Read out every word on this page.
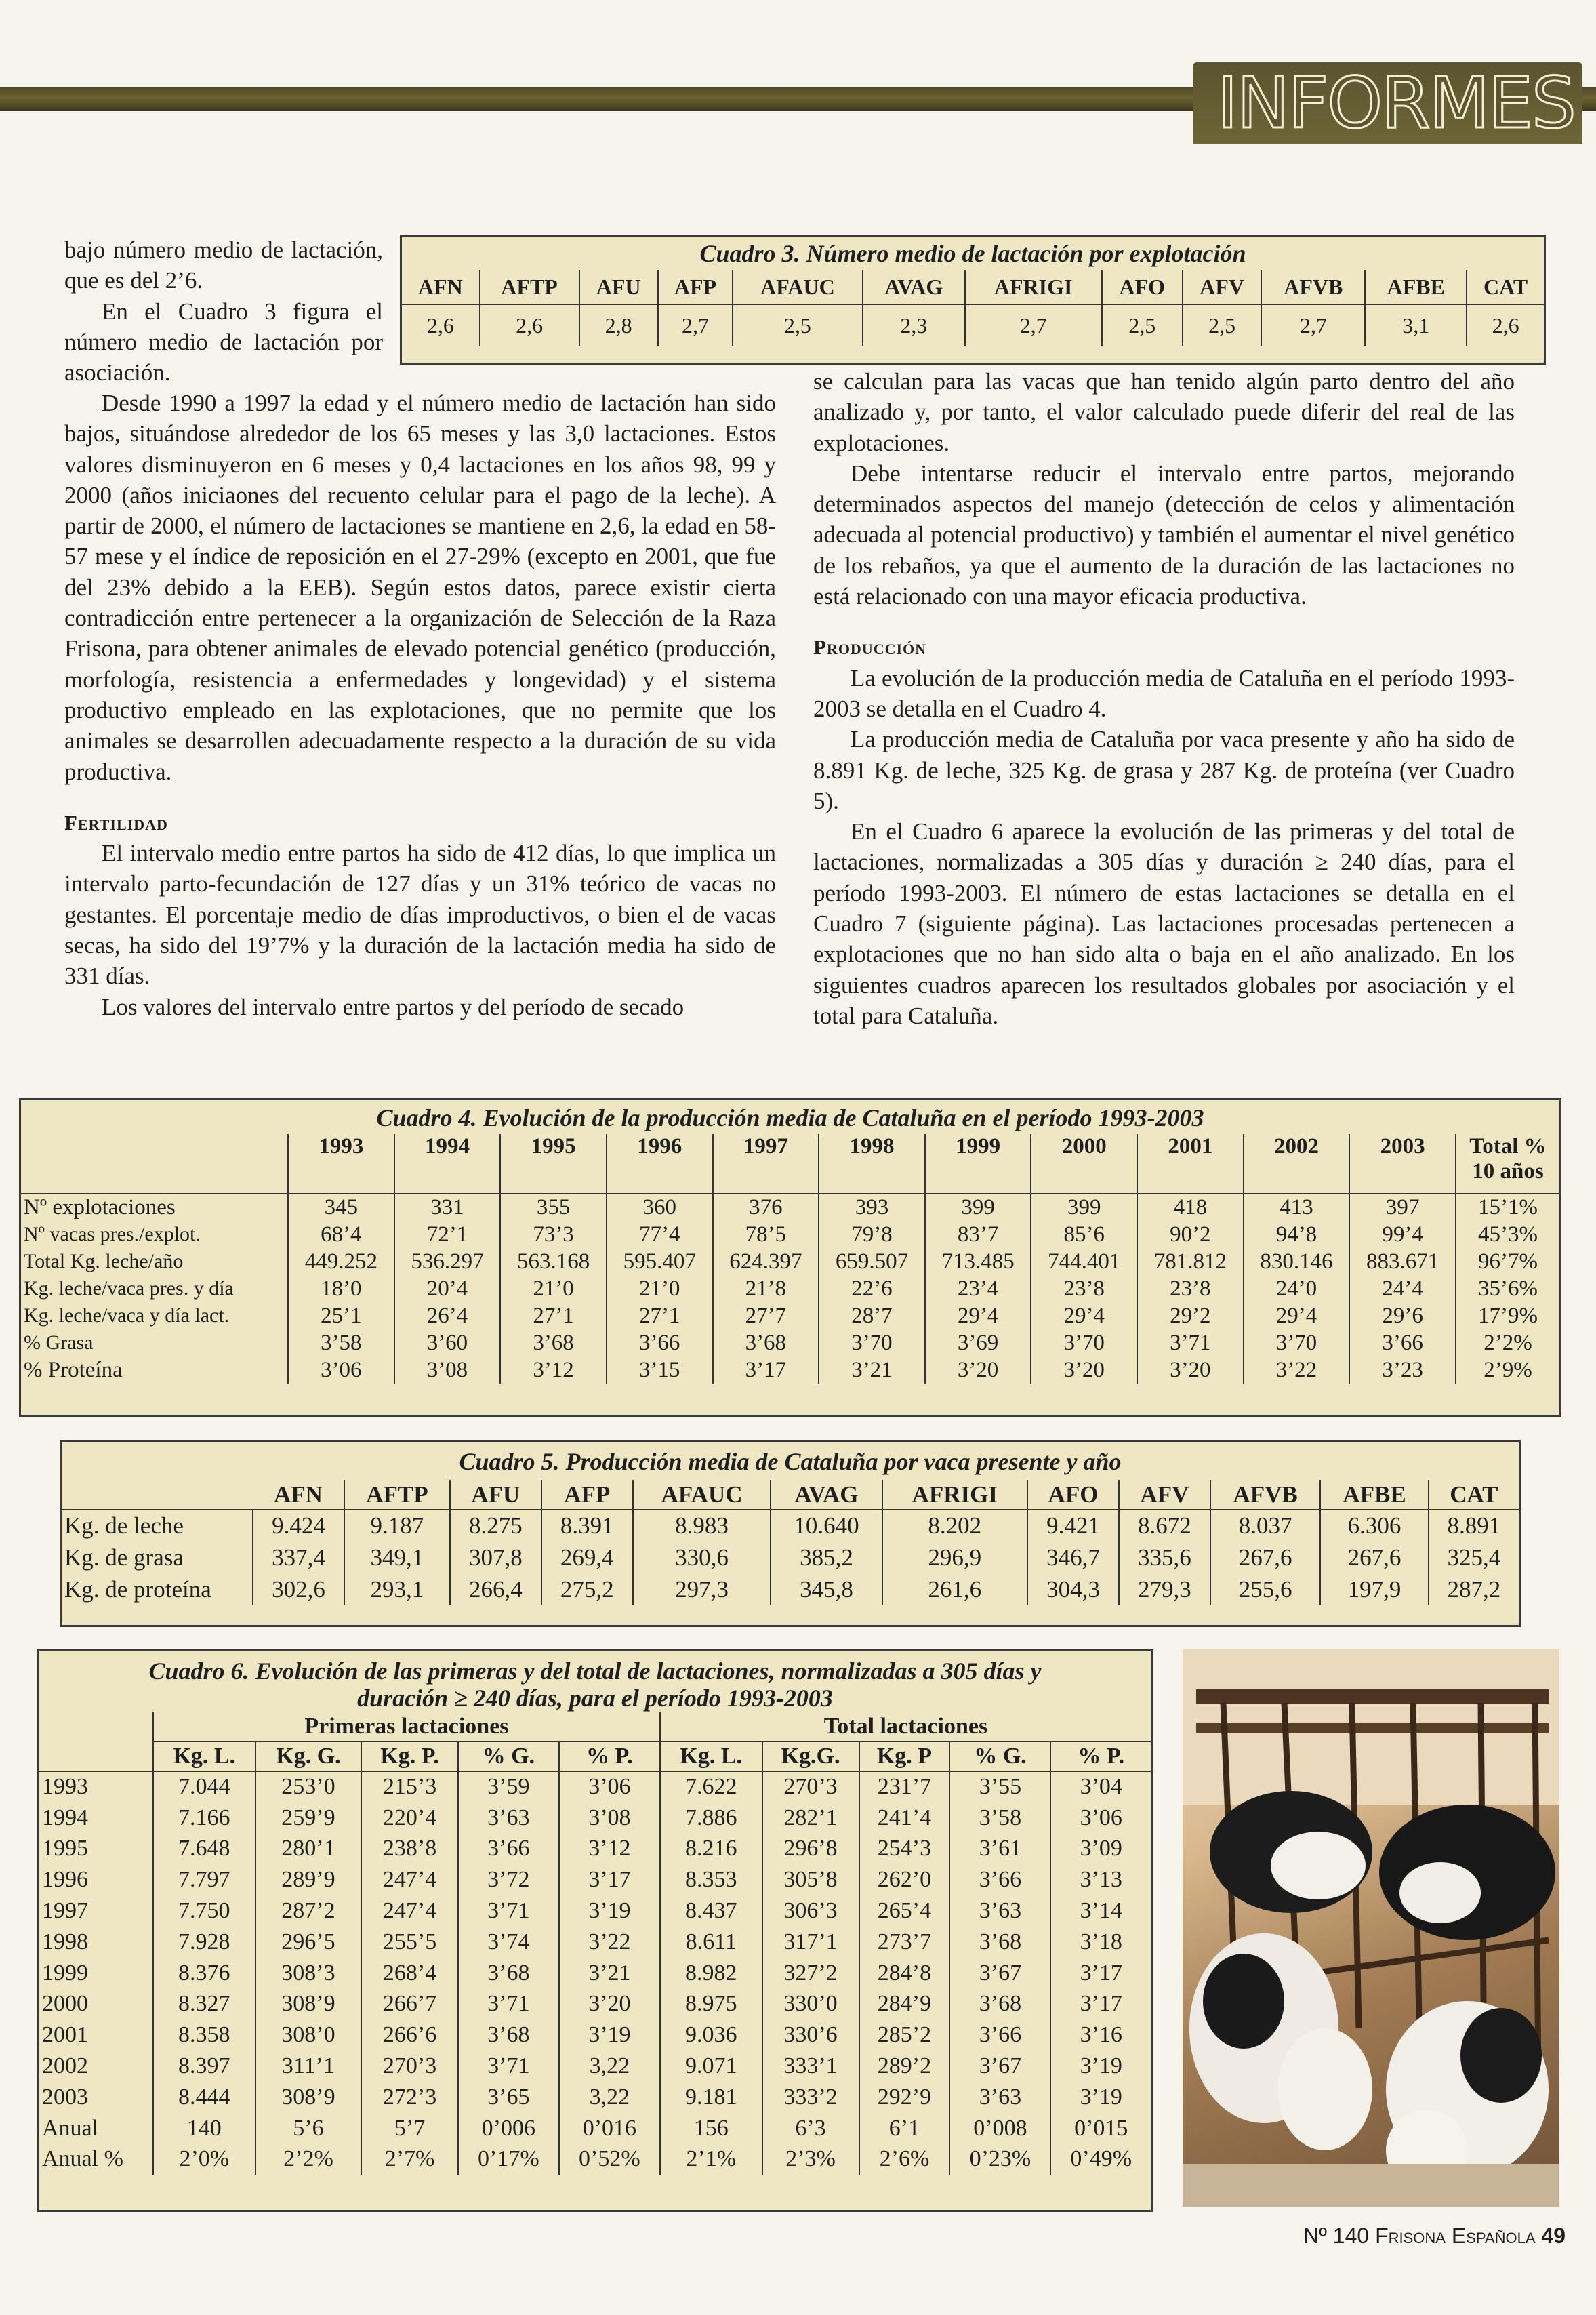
INFORMES

bajo número medio de lactación, que es del 2’6.

En el Cuadro 3 figura el número medio de lactación por asociación.

Desde 1990 a 1997 la edad y el número medio de lactación han sido bajos, situándose alrededor de los 65 meses y las 3,0 lactaciones. Estos valores disminuyeron en 6 meses y 0,4 lactaciones en los años 98, 99 y 2000 (años iniciaones del recuento celular para el pago de la leche). A partir de 2000, el número de lactaciones se mantiene en 2,6, la edad en 58-57 mese y el índice de reposición en el 27-29% (excepto en 2001, que fue del 23% debido a la EEB). Según estos datos, parece existir cierta contradicción entre pertenecer a la organización de Selección de la Raza Frisona, para obtener animales de elevado potencial genético (producción, morfología, resistencia a enfermedades y longevidad) y el sistema productivo empleado en las explotaciones, que no permite que los animales se desarrollen adecuadamente respecto a la duración de su vida productiva.

Fertilidad

El intervalo medio entre partos ha sido de 412 días, lo que implica un intervalo parto-fecundación de 127 días y un 31% teórico de vacas no gestantes. El porcentaje medio de días improductivos, o bien el de vacas secas, ha sido del 19’7% y la duración de la lactación media ha sido de 331 días.

Los valores del intervalo entre partos y del período de secado

se calculan para las vacas que han tenido algún parto dentro del año analizado y, por tanto, el valor calculado puede diferir del real de las explotaciones.

Debe intentarse reducir el intervalo entre partos, mejorando determinados aspectos del manejo (detección de celos y alimentación adecuada al potencial productivo) y también el aumentar el nivel genético de los rebaños, ya que el aumento de la duración de las lactaciones no está relacionado con una mayor eficacia productiva.

Producción

La evolución de la producción media de Cataluña en el período 1993-2003 se detalla en el Cuadro 4.

La producción media de Cataluña por vaca presente y año ha sido de 8.891 Kg. de leche, 325 Kg. de grasa y 287 Kg. de proteína (ver Cuadro 5).

En el Cuadro 6 aparece la evolución de las primeras y del total de lactaciones, normalizadas a 305 días y duración ≥ 240 días, para el período 1993-2003. El número de estas lactaciones se detalla en el Cuadro 7 (siguiente página). Las lactaciones procesadas pertenecen a explotaciones que no han sido alta o baja en el año analizado. En los siguientes cuadros aparecen los resultados globales por asociación y el total para Cataluña.

Cuadro 3. Número medio de lactación por explotación
AFN	AFTP	AFU	AFP	AFAUC	AVAG	AFRIGI	AFO	AFV	AFVB	AFBE	CAT
2,6	2,6	2,8	2,7	2,5	2,3	2,7	2,5	2,5	2,7	3,1	2,6
Cuadro 4. Evolución de la producción media de Cataluña en el período 1993-2003
	1993	1994	1995	1996	1997	1998	1999	2000	2001	2002	2003	Total %
10 años

Nº explotaciones	345	331	355	360	376	393	399	399	418	413	397	15’1%
Nº vacas pres./explot.	68’4	72’1	73’3	77’4	78’5	79’8	83’7	85’6	90’2	94’8	99’4	45’3%
Total Kg. leche/año	449.252	536.297	563.168	595.407	624.397	659.507	713.485	744.401	781.812	830.146	883.671	96’7%
Kg. leche/vaca pres. y día	18’0	20’4	21’0	21’0	21’8	22’6	23’4	23’8	23’8	24’0	24’4	35’6%
Kg. leche/vaca y día lact.	25’1	26’4	27’1	27’1	27’7	28’7	29’4	29’4	29’2	29’4	29’6	17’9%
% Grasa	3’58	3’60	3’68	3’66	3’68	3’70	3’69	3’70	3’71	3’70	3’66	2’2%
% Proteína	3’06	3’08	3’12	3’15	3’17	3’21	3’20	3’20	3’20	3’22	3’23	2’9%
Cuadro 5. Producción media de Cataluña por vaca presente y año
	AFN	AFTP	AFU	AFP	AFAUC	AVAG	AFRIGI	AFO	AFV	AFVB	AFBE	CAT
Kg. de leche	9.424	9.187	8.275	8.391	8.983	10.640	8.202	9.421	8.672	8.037	6.306	8.891
Kg. de grasa	337,4	349,1	307,8	269,4	330,6	385,2	296,9	346,7	335,6	267,6	267,6	325,4
Kg. de proteína	302,6	293,1	266,4	275,2	297,3	345,8	261,6	304,3	279,3	255,6	197,9	287,2
Cuadro 6. Evolución de las primeras y del total de lactaciones, normalizadas a 305 días y
duración ≥ 240 días, para el período 1993-2003
	Primeras lactaciones					Total lactaciones				
	Kg. L.	Kg. G.	Kg. P.	% G.	% P.	Kg. L.	Kg.G.	Kg. P	% G.	% P.
1993	7.044	253’0	215’3	3’59	3’06	7.622	270’3	231’7	3’55	3’04
1994	7.166	259’9	220’4	3’63	3’08	7.886	282’1	241’4	3’58	3’06
1995	7.648	280’1	238’8	3’66	3’12	8.216	296’8	254’3	3’61	3’09
1996	7.797	289’9	247’4	3’72	3’17	8.353	305’8	262’0	3’66	3’13
1997	7.750	287’2	247’4	3’71	3’19	8.437	306’3	265’4	3’63	3’14
1998	7.928	296’5	255’5	3’74	3’22	8.611	317’1	273’7	3’68	3’18
1999	8.376	308’3	268’4	3’68	3’21	8.982	327’2	284’8	3’67	3’17
2000	8.327	308’9	266’7	3’71	3’20	8.975	330’0	284’9	3’68	3’17
2001	8.358	308’0	266’6	3’68	3’19	9.036	330’6	285’2	3’66	3’16
2002	8.397	311’1	270’3	3’71	3,22	9.071	333’1	289’2	3’67	3’19
2003	8.444	308’9	272’3	3’65	3,22	9.181	333’2	292’9	3’63	3’19
Anual	140	5’6	5’7	0’006	0’016	156	6’3	6’1	0’008	0’015
Anual %	2’0%	2’2%	2’7%	0’17%	0’52%	2’1%	2’3%	2’6%	0’23%	0’49%
Nº 140 Frisona Española 49
